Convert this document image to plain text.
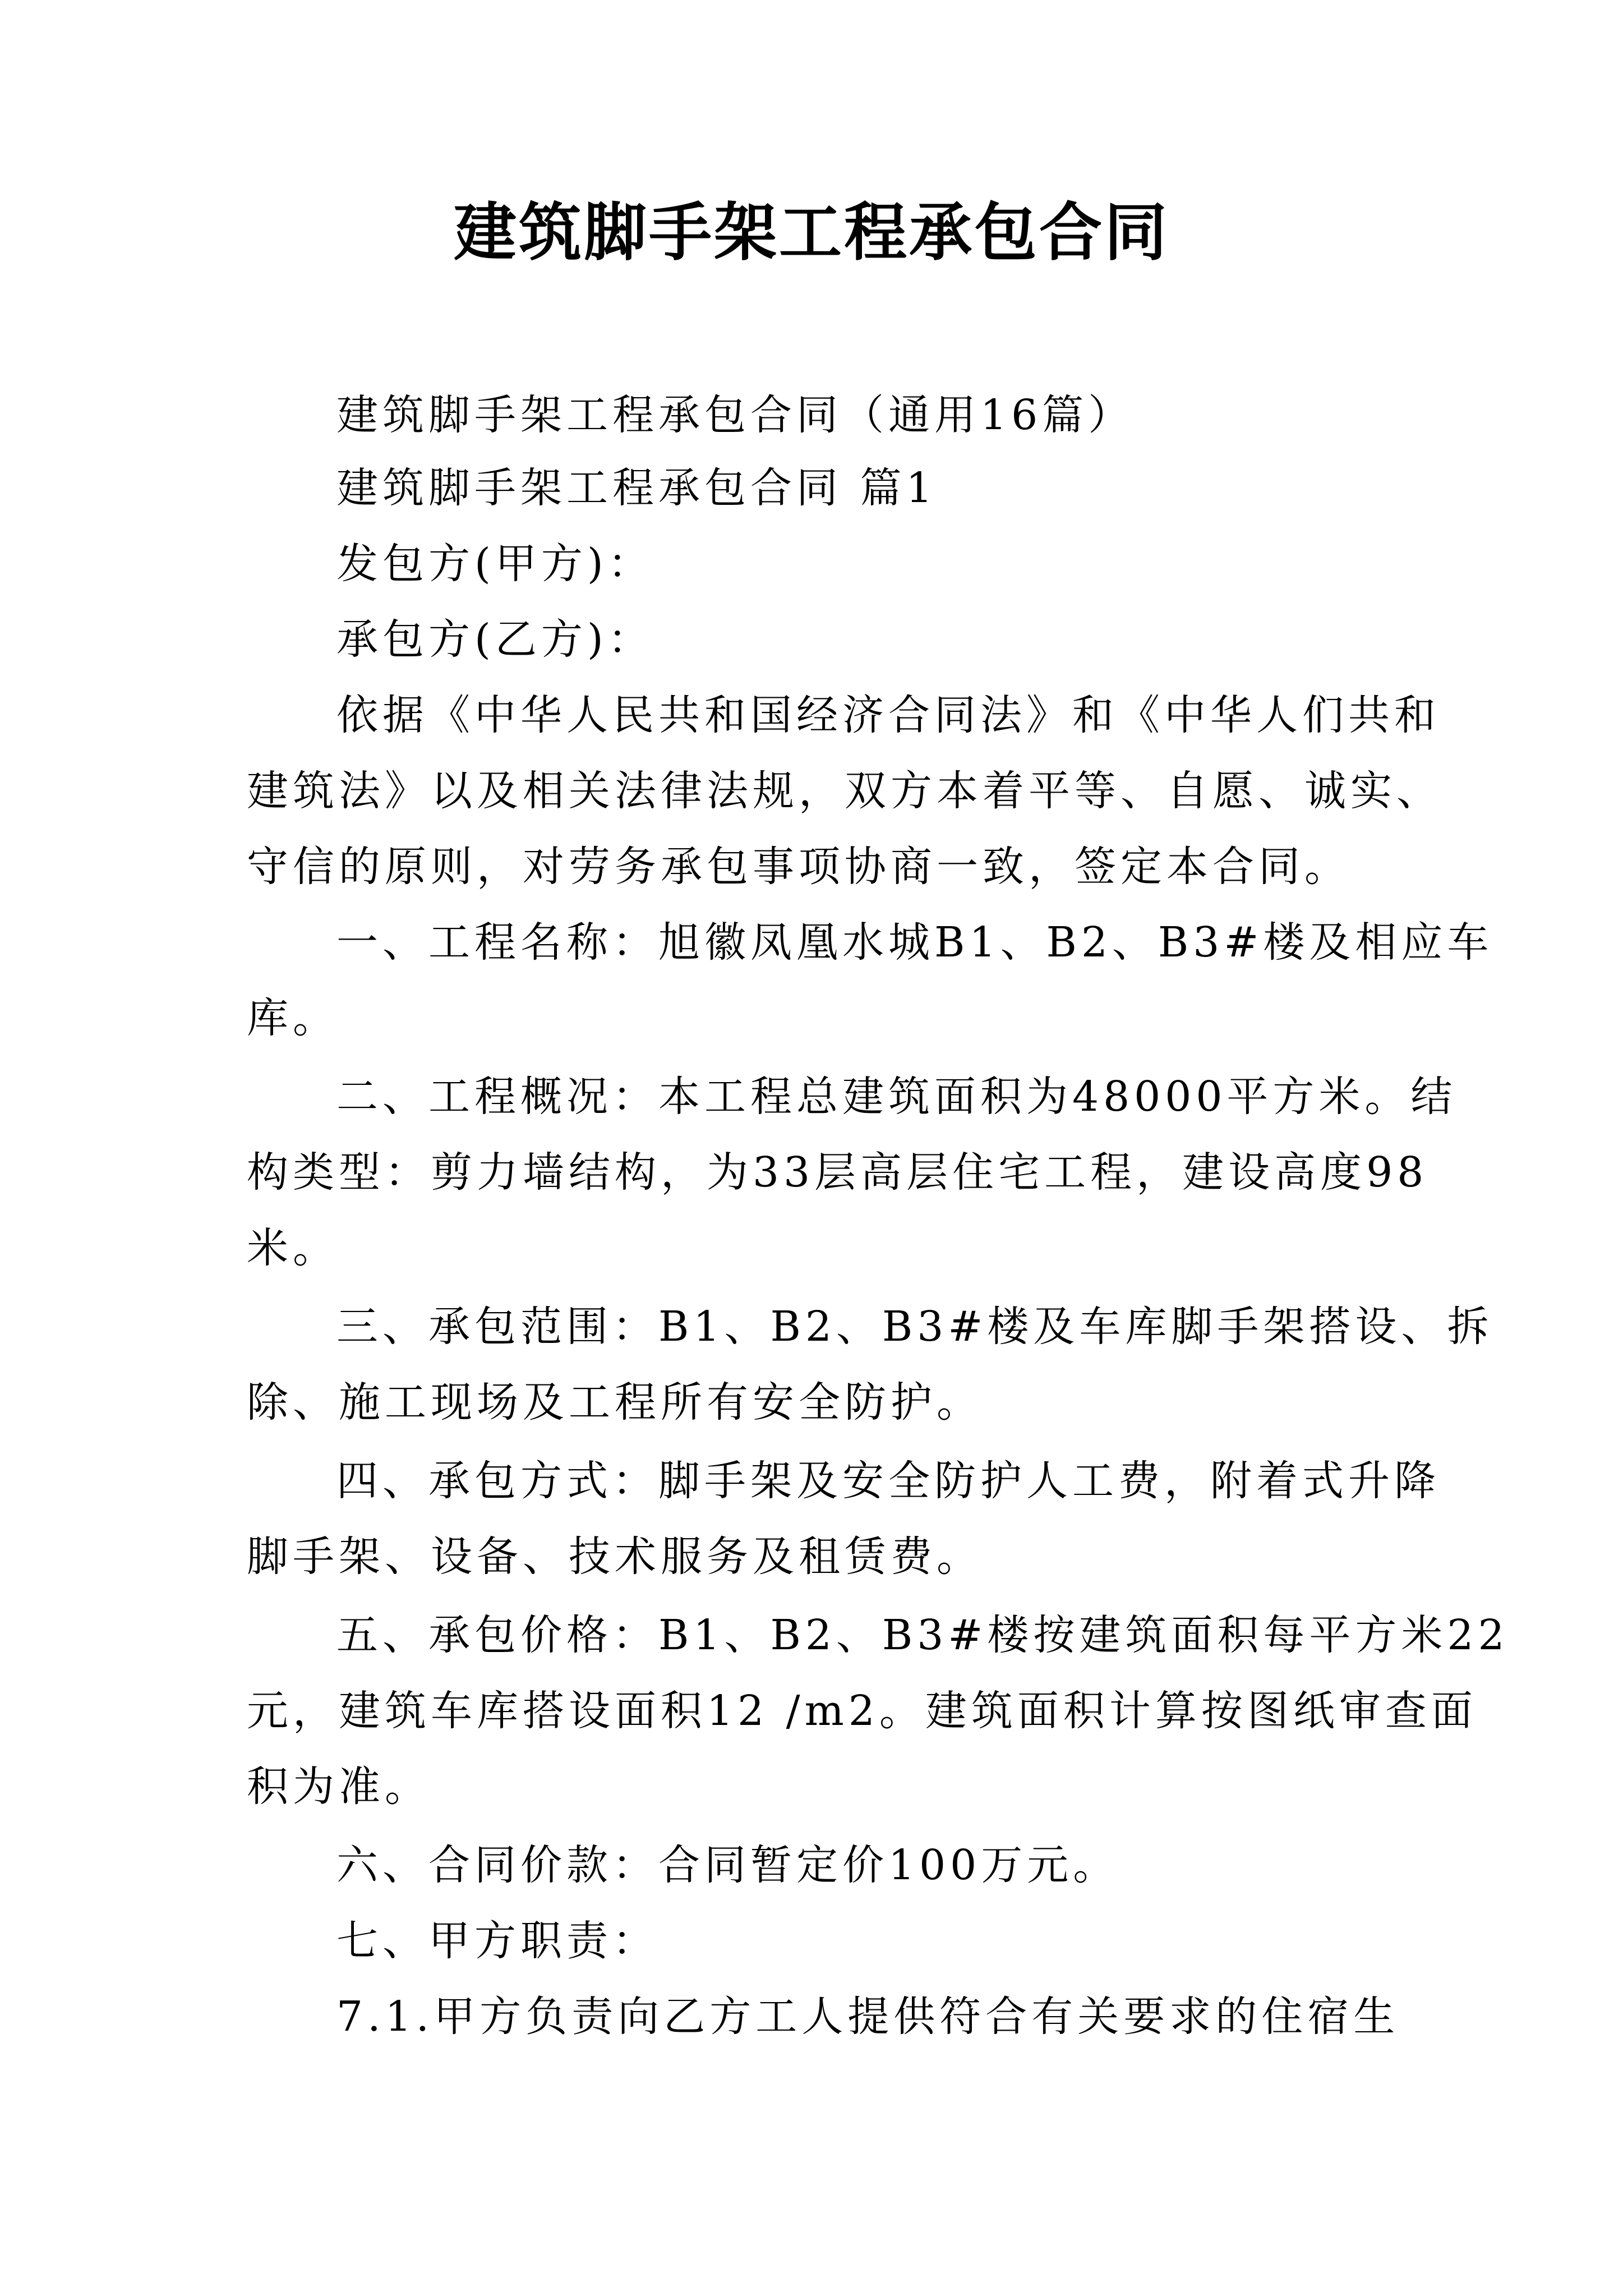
建筑脚手架工程承包合同
建筑脚手架工程承包合同（通用16篇）
建筑脚手架工程承包合同 篇1
发包方(甲方)：
承包方(乙方)：
依据《中华人民共和国经济合同法》和《中华人们共和
建筑法》以及相关法律法规，双方本着平等、自愿、诚实、
守信的原则，对劳务承包事项协商一致，签定本合同。
一、工程名称：旭徽凤凰水城B1、B2、B3#楼及相应车
库。
二、工程概况：本工程总建筑面积为48000平方米。结
构类型：剪力墙结构，为33层高层住宅工程，建设高度98
米。
三、承包范围：B1、B2、B3#楼及车库脚手架搭设、拆
除、施工现场及工程所有安全防护。
四、承包方式：脚手架及安全防护人工费，附着式升降
脚手架、设备、技术服务及租赁费。
五、承包价格：B1、B2、B3#楼按建筑面积每平方米22
元，建筑车库搭设面积12 /m2。建筑面积计算按图纸审查面
积为准。
六、合同价款：合同暂定价100万元。
七、甲方职责：
7.1.甲方负责向乙方工人提供符合有关要求的住宿生
